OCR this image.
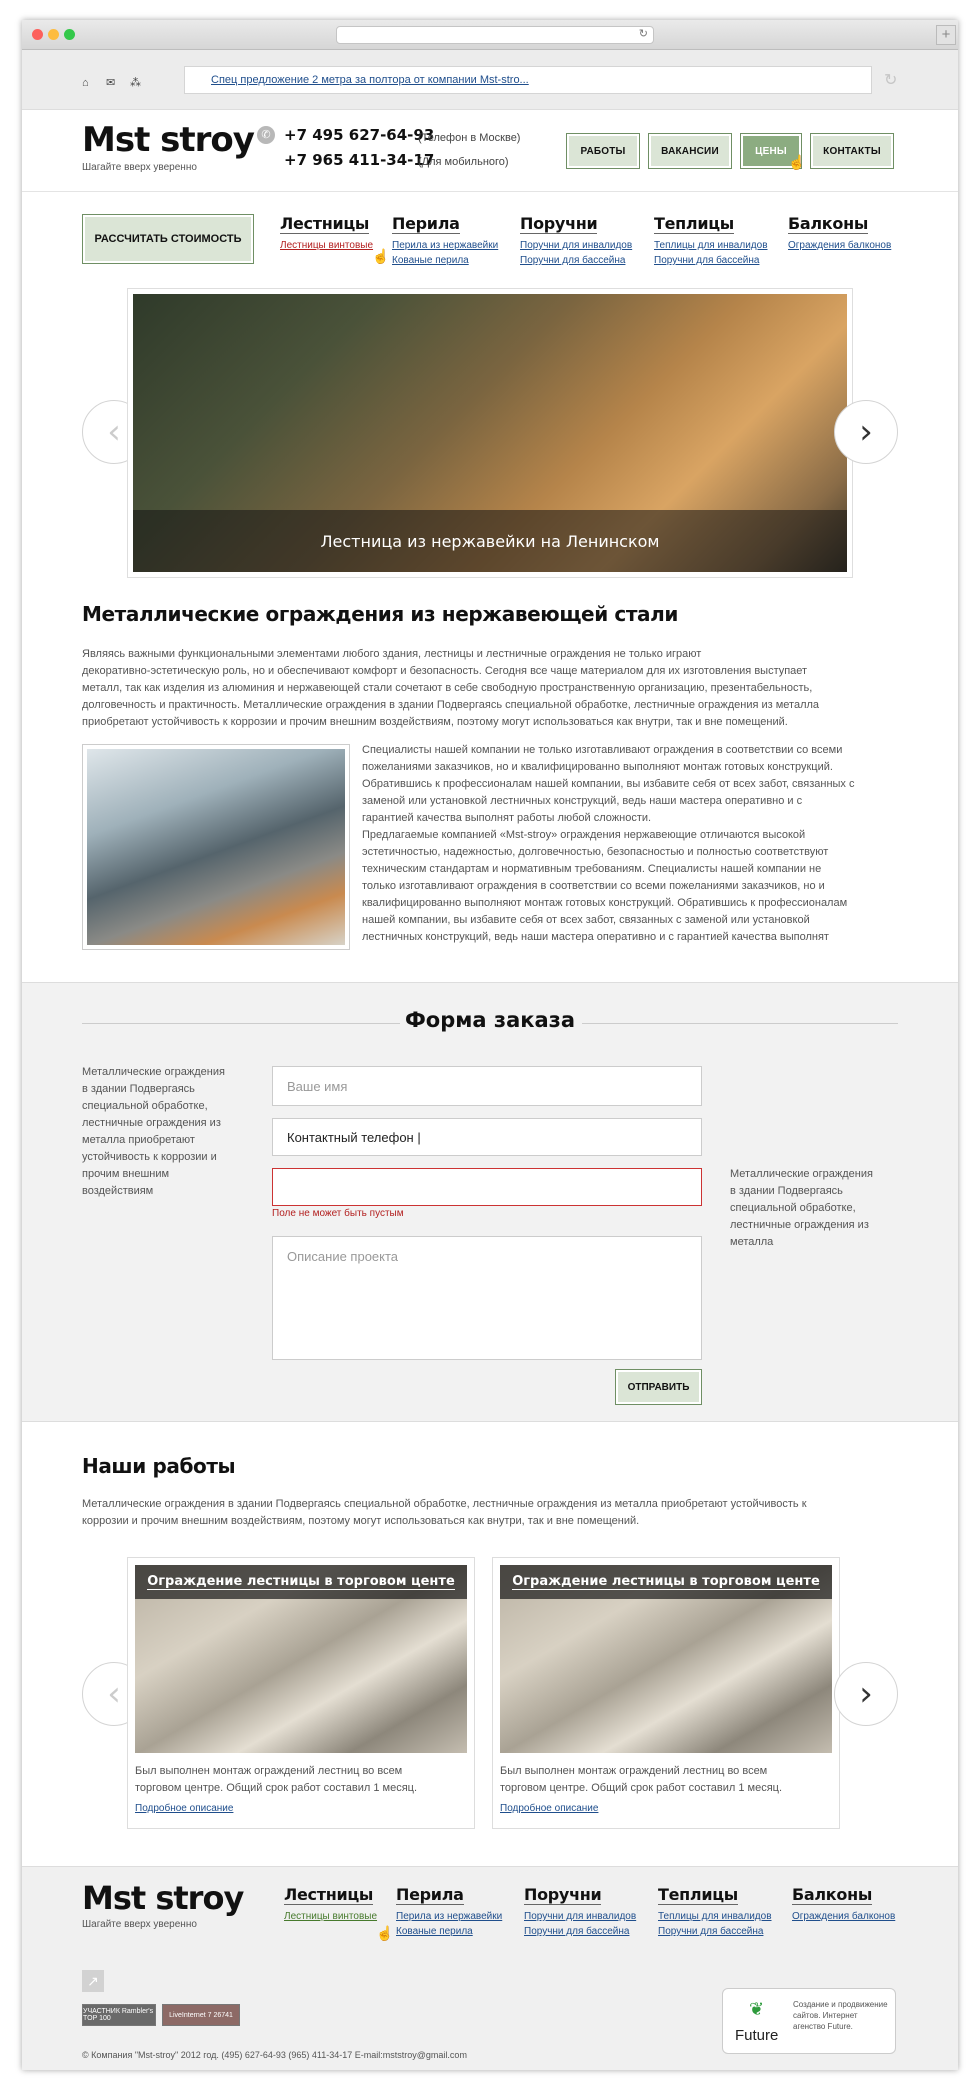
↻	+
⌂ ✉ ⁂	Спец предложение 2 метра за полтора от компании Mst-stro...	↻
Mst stroy
Шагайте вверх уверенно
✆ +7 495 627-64-93
(Телефон в Москве)
+7 965 411-34-17
(Для мобильного)
РАБОТЫ	ВАКАНСИИ	ЦЕНЫ	КОНТАКТЫ
☝
РАССЧИТАТЬ СТОИМОСТЬ
Лестницы
Лестницы винтовые
Перила
Перила из нержавейки
Кованые перила
Поручни
Поручни для инвалидов
Поручни для бассейна
Теплицы
Теплицы для инвалидов
Поручни для бассейна
Балконы
Ограждения балконов
☝
‹
Лестница из нержавейки на Ленинском
›
Металлические ограждения из нержавеющей стали
Являясь важными функциональными элементами любого здания, лестницы и лестничные ограждения не только играют
декоративно-эстетическую роль, но и обеспечивают комфорт и безопасность. Сегодня все чаще материалом для их изготовления выступает
металл, так как изделия из алюминия и нержавеющей стали сочетают в себе свободную пространственную организацию, презентабельность,
долговечность и практичность. Металлические ограждения в здании Подвергаясь специальной обработке, лестничные ограждения из металла
приобретают устойчивость к коррозии и прочим внешним воздействиям, поэтому могут использоваться как внутри, так и вне помещений.
Специалисты нашей компании не только изготавливают ограждения в соответствии со всеми
пожеланиями заказчиков, но и квалифицированно выполняют монтаж готовых конструкций.
Обратившись к профессионалам нашей компании, вы избавите себя от всех забот, связанных с
заменой или установкой лестничных конструкций, ведь наши мастера оперативно и с
гарантией качества выполнят работы любой сложности.
Предлагаемые компанией «Mst-stroy» ограждения нержавеющие отличаются высокой
эстетичностью, надежностью, долговечностью, безопасностью и полностью соответствуют
техническим стандартам и нормативным требованиям. Специалисты нашей компании не
только изготавливают ограждения в соответствии со всеми пожеланиями заказчиков, но и
квалифицированно выполняют монтаж готовых конструкций. Обратившись к профессионалам
нашей компании, вы избавите себя от всех забот, связанных с заменой или установкой
лестничных конструкций, ведь наши мастера оперативно и с гарантией качества выполнят
Форма заказа
Металлические ограждения
в здании Подвергаясь
специальной обработке,
лестничные ограждения из
металла приобретают
устойчивость к коррозии и
прочим внешним
воздействиям
Ваше имя
Контактный телефон |
Поле не может быть пустым
Описание проекта
Металлические ограждения
в здании Подвергаясь
специальной обработке,
лестничные ограждения из
металла
ОТПРАВИТЬ
Наши работы
Металлические ограждения в здании Подвергаясь специальной обработке, лестничные ограждения из металла приобретают устойчивость к
коррозии и прочим внешним воздействиям, поэтому могут использоваться как внутри, так и вне помещений.
‹
Ограждение лестницы в торговом центе
Был выполнен монтаж ограждений лестниц во всем
торговом центре. Общий срок работ составил 1 месяц.
Подробное описание
Ограждение лестницы в торговом центе
Был выполнен монтаж ограждений лестниц во всем
торговом центре. Общий срок работ составил 1 месяц.
Подробное описание
›
Mst stroy
Шагайте вверх уверенно
Лестницы
Лестницы винтовые
Перила
Перила из нержавейки
Кованые перила
Поручни
Поручни для инвалидов
Поручни для бассейна
Теплицы
Теплицы для инвалидов
Поручни для бассейна
Балконы
Ограждения балконов
☝
↗
УЧАСТНИК Rambler's TOP 100	LiveInternet 7 26741	❦
Future
Создание и продвижение сайтов. Интернет агенство Future.
© Компания "Mst-stroy" 2012 год. (495) 627-64-93 (965) 411-34-17 E-mail:mststroy@gmail.com
